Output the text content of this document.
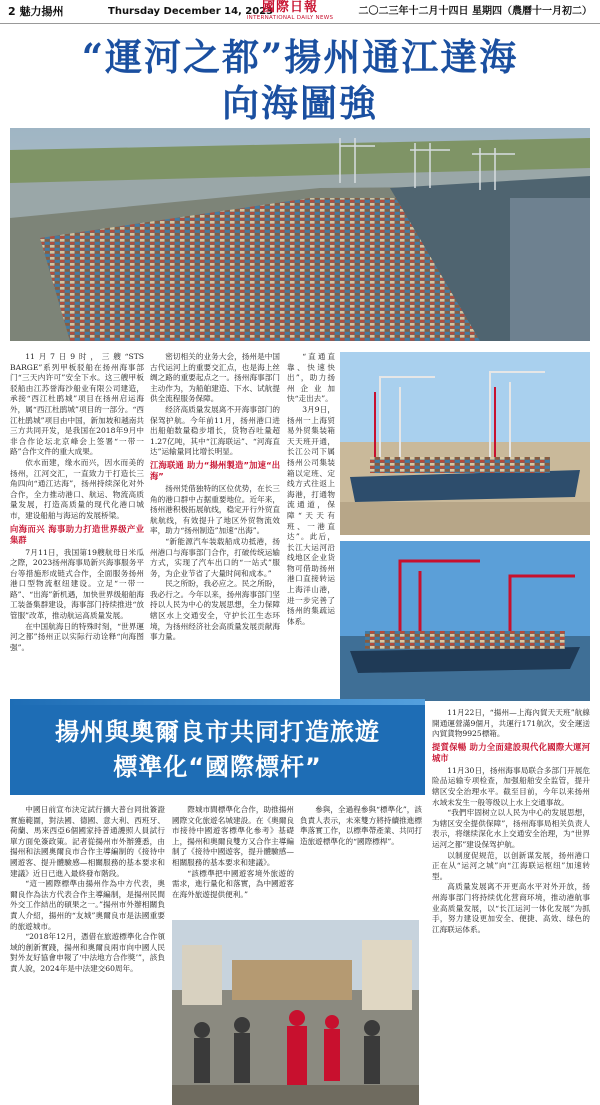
2 魅力揚州	Thursday December 14, 2023
國際日報
INTERNATIONAL DAILY NEWS
二〇二三年十二月十四日 星期四（農曆十一月初二）
“運河之都”揚州通江達海
向海圖強

11月7日9时，三艘“STS BARGE”系列甲板驳船在扬州海事部门“三天内许可”安全下水。这三艘甲板驳船由江苏誉海沙船业有限公司建造，承接“西江杜鹃城”项目在扬州启运海外，属“西江杜鹃城”项目的一部分。“西江杜鹃城”项目由中国，新加坡和越南共三方共同开发，是我国在2018年9月中非合作论坛北京峰会上签署“一带一路”合作文件的重大成果。

依水而建，缘水而兴，因水而美的扬州，江河交汇，一直致力于打造长三角四向“通江达海”，扬州持续深化对外合作，全力推动港口、航运、物流高质量发展，打造高质量的现代化港口城市，建设船舶与海运的发展桥梁。

向海而兴 海事助力打造世界级产业集群

7月11日，我国第19艘航母日米瓜之際，2023扬州海事局新兴海事服务平台等措施形成链式合作，全面服务扬州港口型物流枢纽建设。立足“一带一路”、“出海”新机遇，加快世界级船舶海工装备集群建设，海事部门持续推进“放管服”改革，推动航运高质量发展。

在中国航海日的特殊时刻，“世界運河之都”扬州正以实际行动诠释“向海图强”。

密切相关的业务大会，扬州是中国古代运河上的重要交汇点，也是海上丝绸之路的重要起点之一。扬州海事部门主动作为，为船舶建造、下水、试航提供全流程服务保障。

经济高质量发展离不开海事部门的保驾护航。今年前11月，扬州港口进出船舶数量稳步增长，货物吞吐量超1.27亿吨，其中“江海联运”、“河海直达”运输量同比增长明显。

江海联通 助力“揚州製造”加速“出海”

扬州凭借独特的区位优势，在长三角的港口群中占据重要地位。近年来，扬州港积极拓展航线，稳定开行外贸直航航线，有效提升了地区外贸物流效率，助力“扬州制造”加速“出海”。

“新能源汽车装载船成功抵港，扬州港口与海事部门合作，打破传统运输方式，实现了汽车出口的“一站式”服务，为企业节省了大量时间和成本。”

民之所盼，我必应之。民之所盼，我必行之。今年以来，扬州海事部门坚持以人民为中心的发展思想，全力保障辖区水上交通安全，守护长江生态环境，为扬州经济社会高质量发展贡献海事力量。

“直通直靠、快速快出”，助力扬州企业加快“走出去”。

3月9日，扬州一上海贸易外贸集装箱天天班开通，长江公司下属扬州公司集装箱以定班、定线方式往返上海港，打通物流通道，保障“天天有班、一港直达”。此后，长江大运河沿线地区企业货物可借助扬州港口直接转运上海洋山港，进一步完善了扬州的集疏运体系。

揚州與奧爾良市共同打造旅遊
標準化“國際標杆”

11月22日，“揚州—上海內貿天天班”航線開通運營滿9個月，共運行171航次，安全運送內貿貨物9925標箱。

提質保暢 助力全面建設現代化國際大運河城市

11月30日，扬州海事局联合多部门开展危险品运输专项检查，加强船舶安全监管，提升辖区安全治理水平。截至目前，今年以来扬州水域未发生一般等级以上水上交通事故。

“我們牢固树立以人民为中心的发展思想，为辖区安全提供保障”，扬州海事局相关负责人表示，将继续深化水上交通安全治理，为“世界运河之都”建设保驾护航。

以制度促规范，以创新谋发展，扬州港口正在从“运河之城”向“江海联运枢纽”加速转型。

高质量发展离不开更高水平对外开放，扬州海事部门将持续优化营商环境，推动港航事业高质量发展，以“长江运河一体化发展”为抓手，努力建设更加安全、便捷、高效、绿色的江海联运体系。

中國日前宣布決定試行擴大普台同批簽證實施範圍，對法國、德國、意大利、西班牙、荷蘭、馬來西亞6個國家持普通護照人員試行單方面免簽政策。記者從揚州市外辦獲悉，由揚州和法國奧爾良市合作主導編制的《接待中國遊客、提升體驗感—相關服務的基本要求和建議》近日已進入最終發布階段。

“這一國際標準由揚州作為中方代表，奧爾良作為法方代表合作主導編制，是揚州民間外交工作結出的碩果之一。”揚州市外辦相關負責人介紹，揚州的“友城”奧爾良市是法國重要的旅遊城市。

“2018年12月，憑借在旅遊標準化合作領域的創新實踐，揚州和奧爾良兩市向中國人民對外友好協會申報了‘中法地方合作獎’”，該負責人說，2024年是中法建交60周年。

際城市間標準化合作，助推揚州國際文化旅遊名城建設。在《奧爾良市接待中國遊客標準化參考》基礎上，揚州和奧爾良雙方又合作主導編制了《接待中國遊客，提升體驗感—相關服務的基本要求和建議》。

“該標準把中國遊客境外旅遊的需求，進行量化和落實，為中國遊客在海外旅遊提供便利。”

參與，全過程參與“標準化”，該負責人表示，未來雙方將持續推進標準落實工作，以標準帶產業、共同打造旅遊標準化的“國際標桿”。
